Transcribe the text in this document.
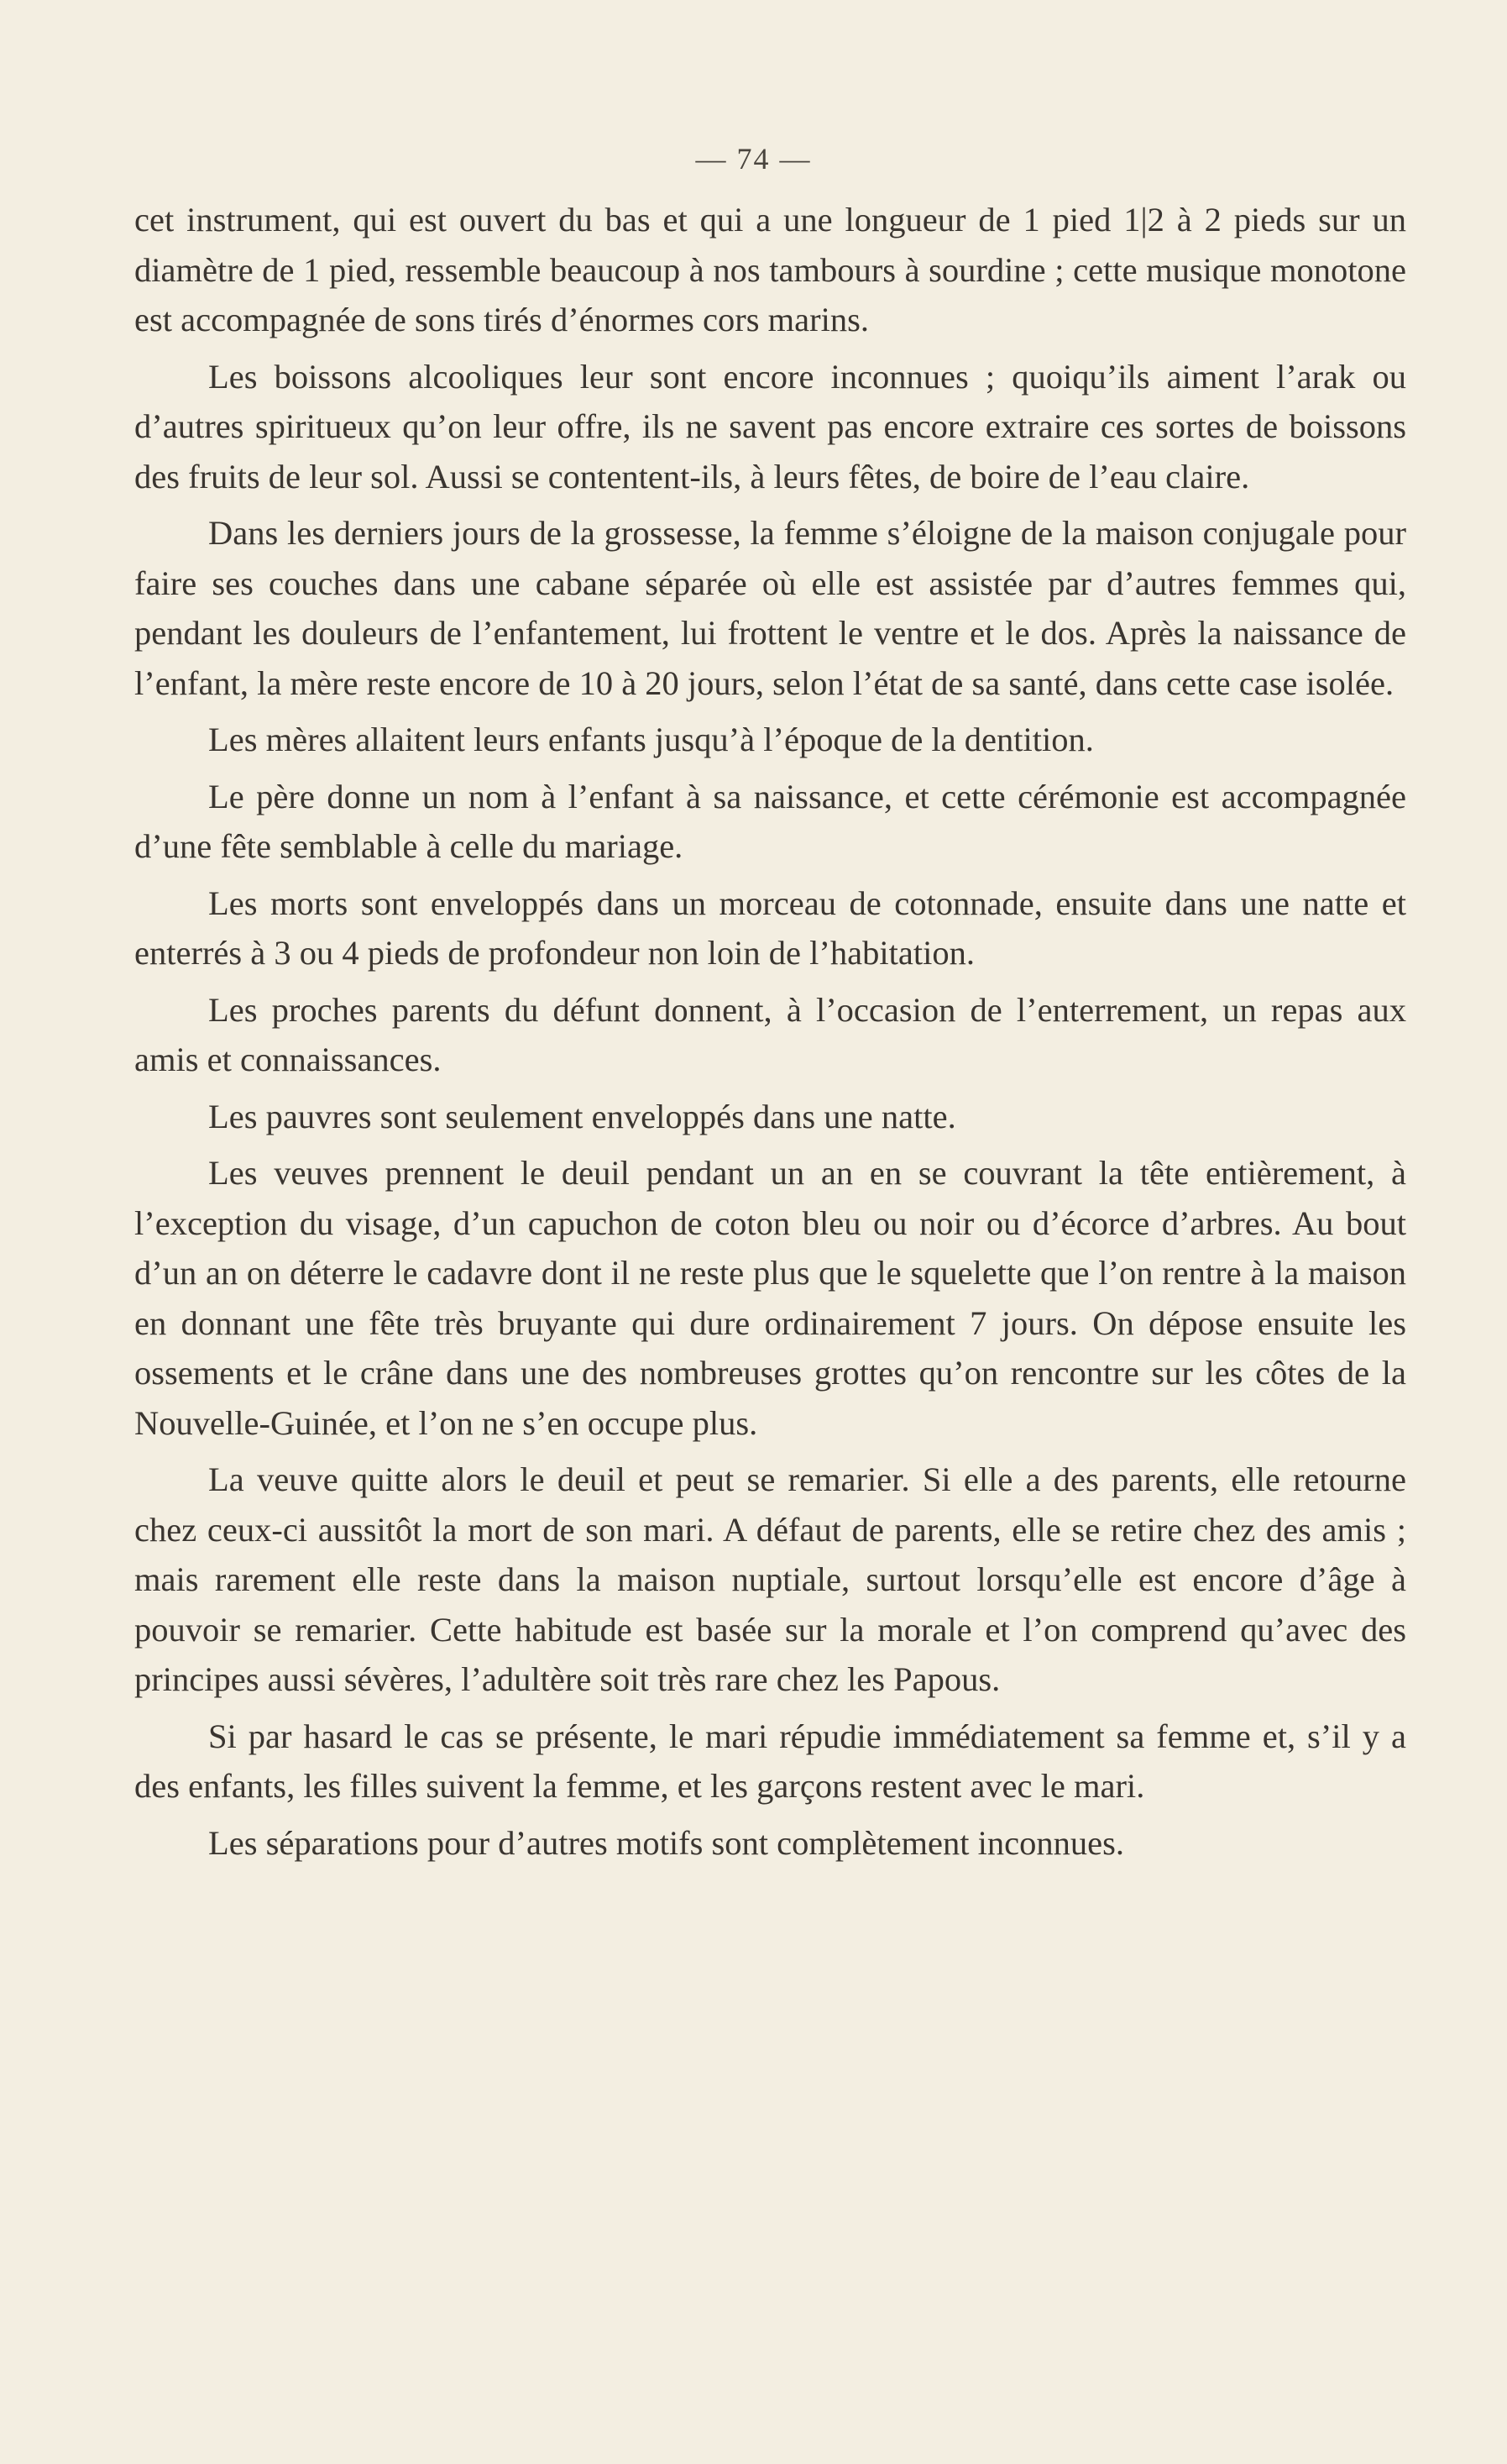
— 74 —

cet instrument, qui est ouvert du bas et qui a une longueur de 1 pied 1|2 à 2 pieds sur un diamètre de 1 pied, ressemble beaucoup à nos tambours à sourdine ; cette musique monotone est accompagnée de sons tirés d’énormes cors marins.

Les boissons alcooliques leur sont encore inconnues ; quoiqu’ils aiment l’arak ou d’autres spiritueux qu’on leur offre, ils ne savent pas encore extraire ces sortes de boissons des fruits de leur sol. Aussi se contentent-ils, à leurs fêtes, de boire de l’eau claire.

Dans les derniers jours de la grossesse, la femme s’éloigne de la maison conjugale pour faire ses couches dans une cabane séparée où elle est assistée par d’autres femmes qui, pendant les douleurs de l’enfantement, lui frottent le ventre et le dos. Après la naissance de l’enfant, la mère reste encore de 10 à 20 jours, selon l’état de sa santé, dans cette case isolée.

Les mères allaitent leurs enfants jusqu’à l’époque de la dentition.

Le père donne un nom à l’enfant à sa naissance, et cette cérémonie est accompagnée d’une fête semblable à celle du mariage.

Les morts sont enveloppés dans un morceau de cotonnade, ensuite dans une natte et enterrés à 3 ou 4 pieds de profondeur non loin de l’habitation.

Les proches parents du défunt donnent, à l’occasion de l’enterrement, un repas aux amis et connaissances.

Les pauvres sont seulement enveloppés dans une natte.

Les veuves prennent le deuil pendant un an en se couvrant la tête entièrement, à l’exception du visage, d’un capuchon de coton bleu ou noir ou d’écorce d’arbres. Au bout d’un an on déterre le cadavre dont il ne reste plus que le squelette que l’on rentre à la maison en donnant une fête très bruyante qui dure ordinairement 7 jours. On dépose ensuite les ossements et le crâne dans une des nombreuses grottes qu’on rencontre sur les côtes de la Nouvelle-Guinée, et l’on ne s’en occupe plus.

La veuve quitte alors le deuil et peut se remarier. Si elle a des parents, elle retourne chez ceux-ci aussitôt la mort de son mari. A défaut de parents, elle se retire chez des amis ; mais rarement elle reste dans la maison nuptiale, surtout lorsqu’elle est encore d’âge à pouvoir se remarier. Cette habitude est basée sur la morale et l’on comprend qu’avec des principes aussi sévères, l’adultère soit très rare chez les Papous.

Si par hasard le cas se présente, le mari répudie immédiatement sa femme et, s’il y a des enfants, les filles suivent la femme, et les garçons restent avec le mari.

Les séparations pour d’autres motifs sont complètement inconnues.
